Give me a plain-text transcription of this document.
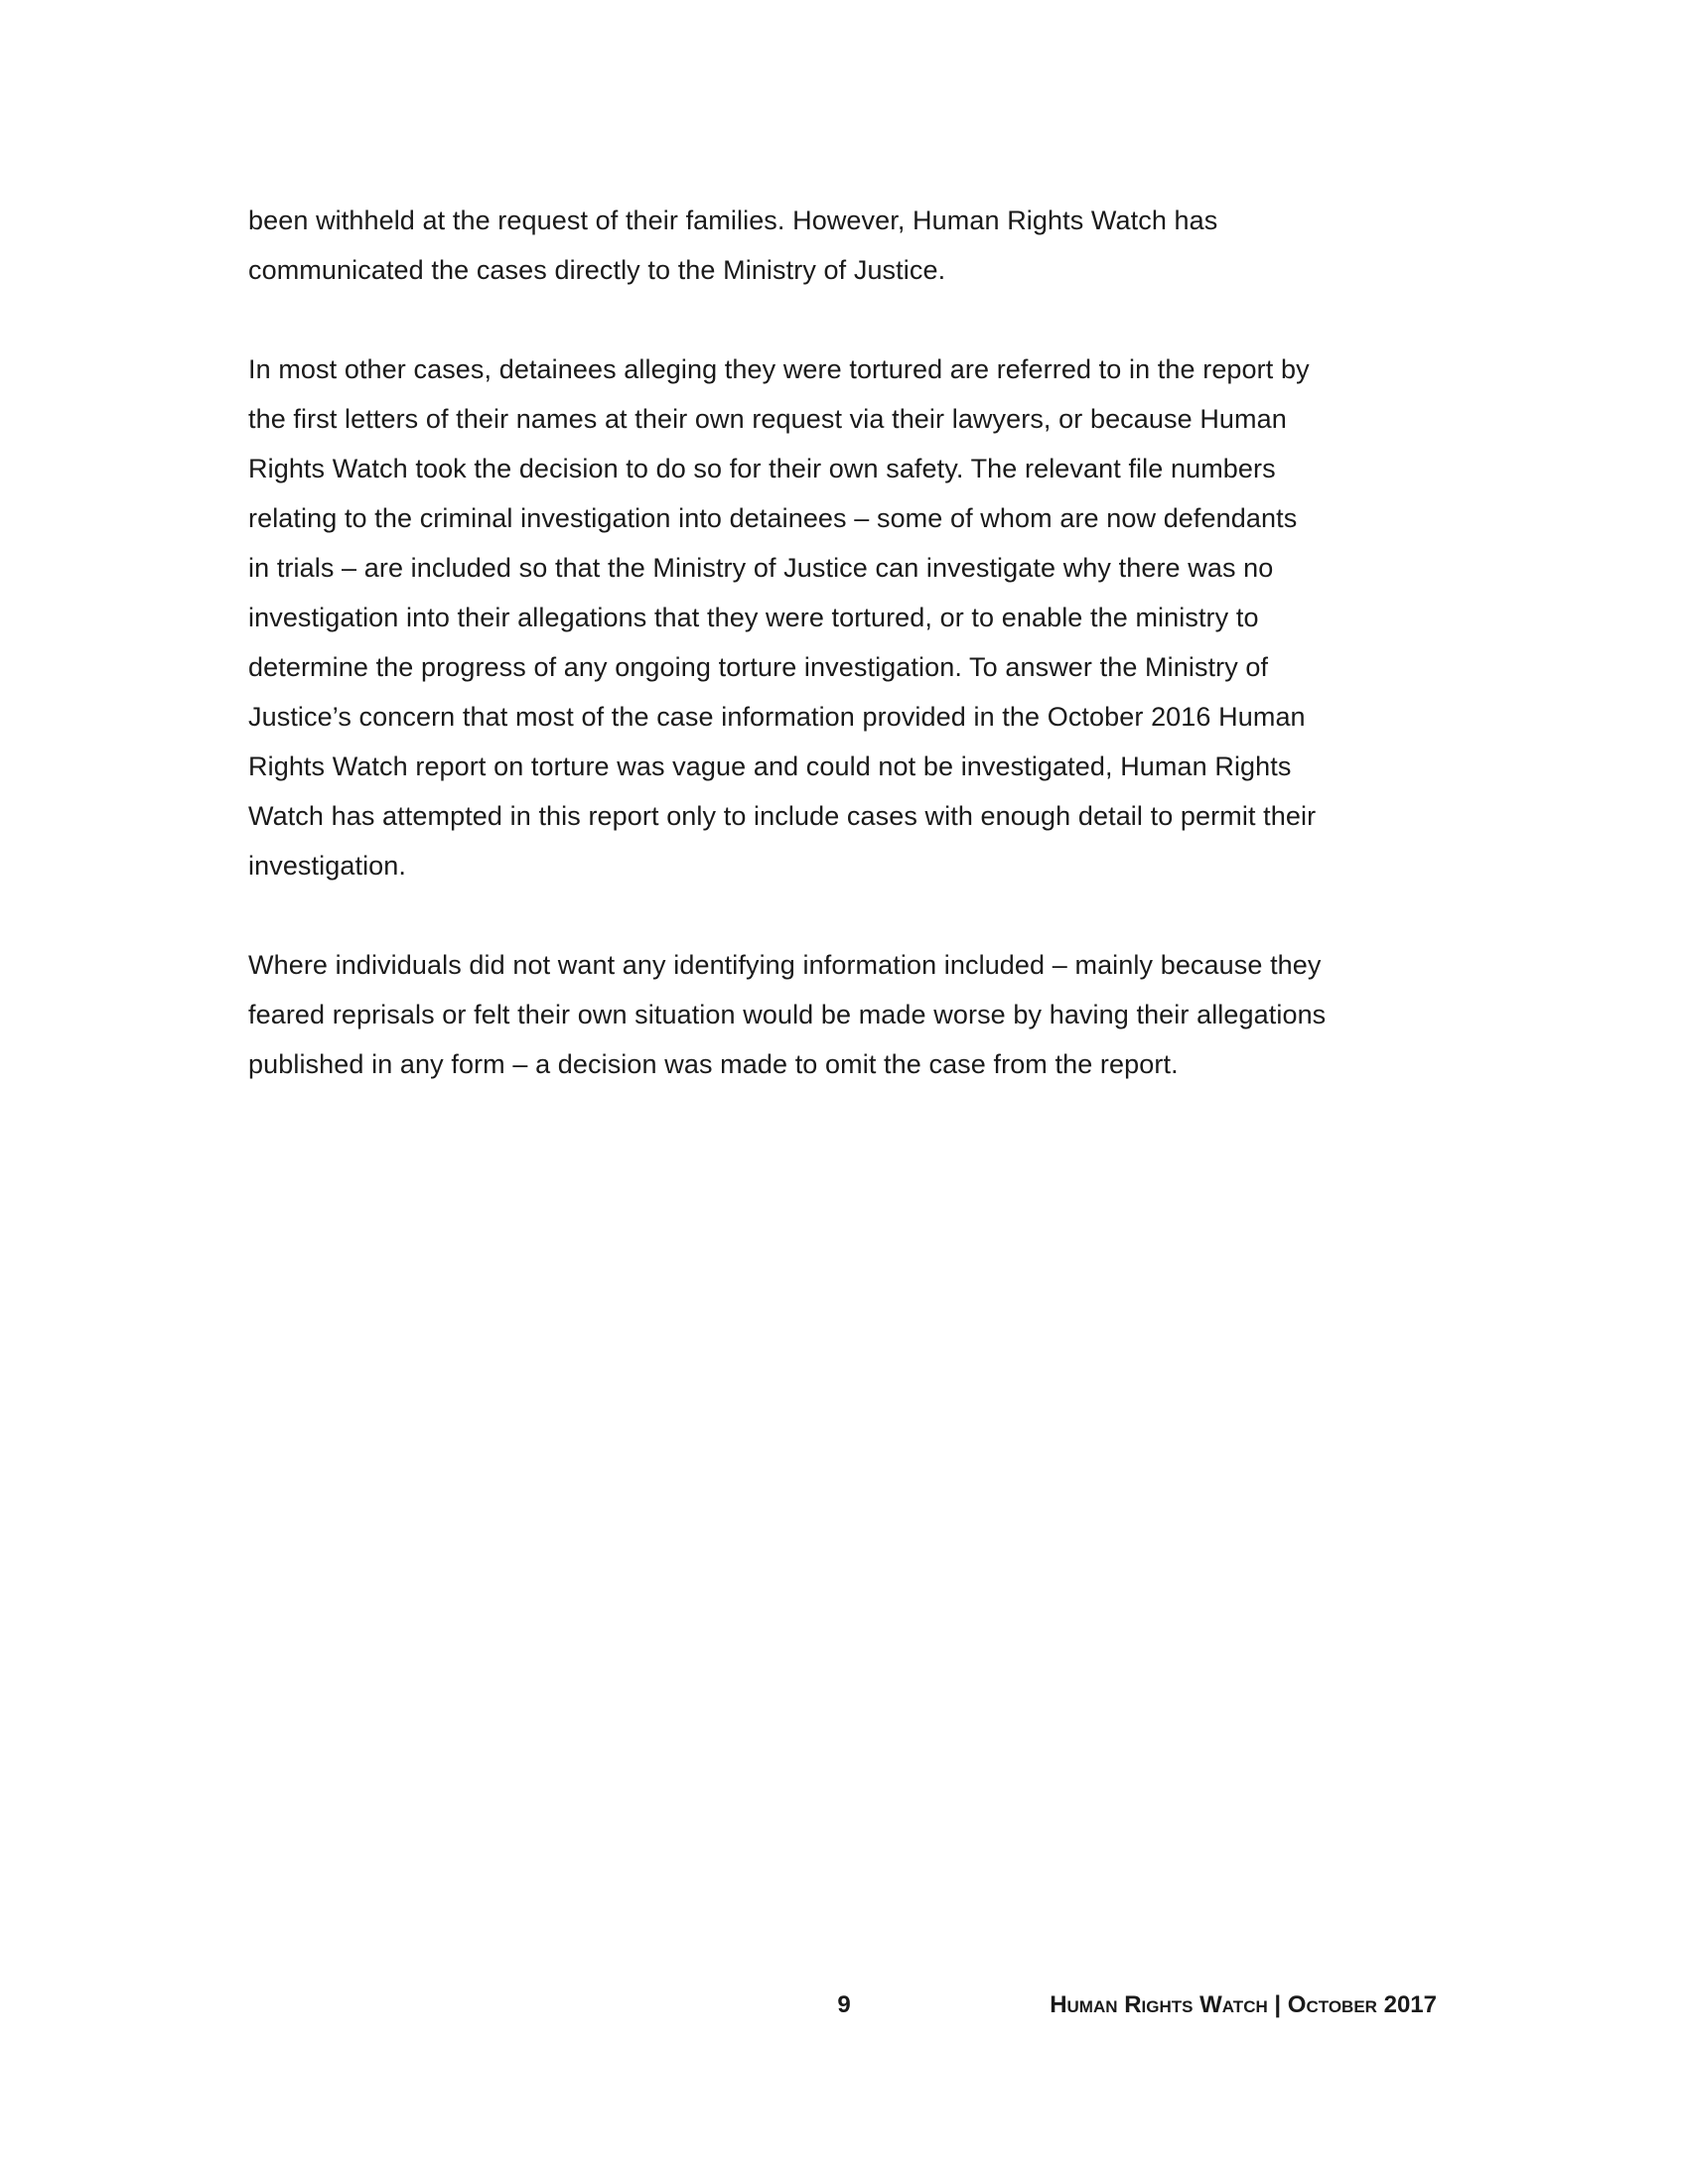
been withheld at the request of their families. However, Human Rights Watch has
communicated the cases directly to the Ministry of Justice.

In most other cases, detainees alleging they were tortured are referred to in the report by
the first letters of their names at their own request via their lawyers, or because Human
Rights Watch took the decision to do so for their own safety. The relevant file numbers
relating to the criminal investigation into detainees – some of whom are now defendants
in trials – are included so that the Ministry of Justice can investigate why there was no
investigation into their allegations that they were tortured, or to enable the ministry to
determine the progress of any ongoing torture investigation. To answer the Ministry of
Justice’s concern that most of the case information provided in the October 2016 Human
Rights Watch report on torture was vague and could not be investigated, Human Rights
Watch has attempted in this report only to include cases with enough detail to permit their
investigation.

Where individuals did not want any identifying information included – mainly because they
feared reprisals or felt their own situation would be made worse by having their allegations
published in any form – a decision was made to omit the case from the report.

9	Human Rights Watch | October 2017
